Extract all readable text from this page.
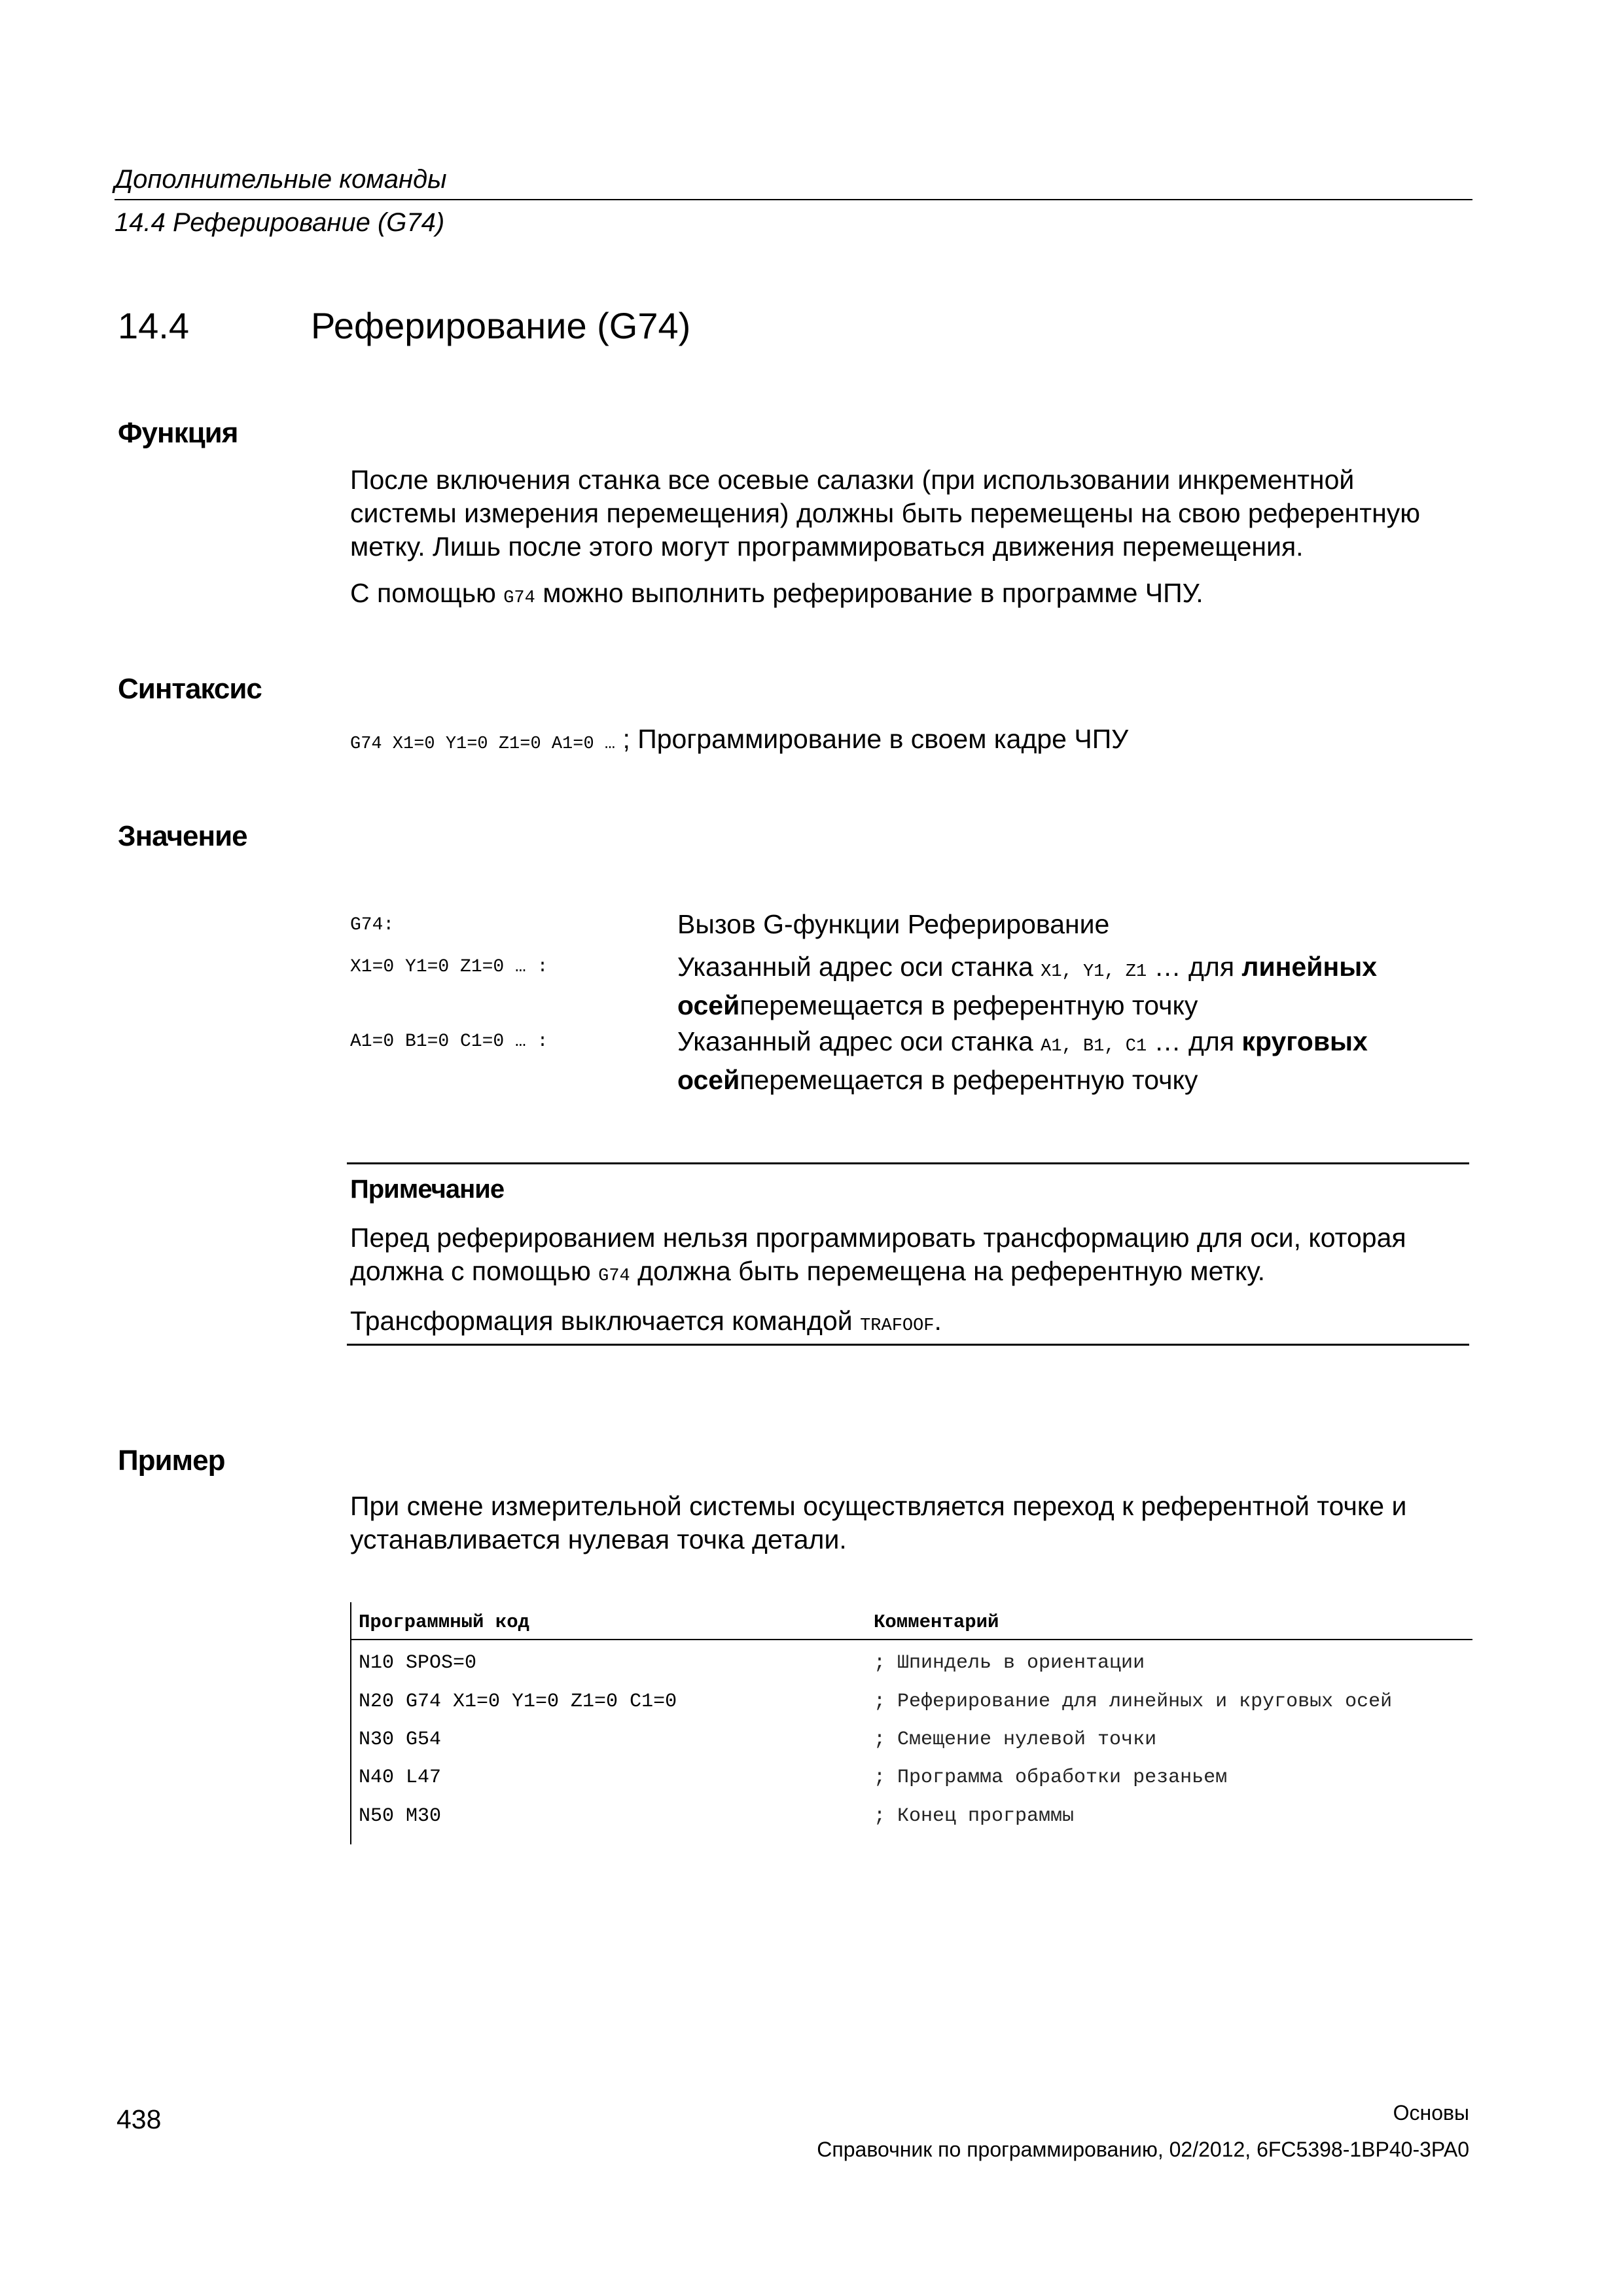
Дополнительные команды
14.4 Реферирование (G74)
14.4	Реферирование (G74)
Функция
После включения станка все осевые салазки (при использовании инкрементной
системы измерения перемещения) должны быть перемещены на свою референтную
метку. Лишь после этого могут программироваться движения перемещения.
С помощью G74 можно выполнить реферирование в программе ЧПУ.
Синтаксис
G74 X1=0 Y1=0 Z1=0 A1=0 … ; Программирование в своем кадре ЧПУ
Значение
G74:	Вызов G-функции Реферирование
X1=0 Y1=0 Z1=0 … :	Указанный адрес оси станка X1, Y1, Z1 … для линейных
осейперемещается в референтную точку
A1=0 B1=0 C1=0 … :	Указанный адрес оси станка A1, B1, C1 … для круговых
осейперемещается в референтную точку
Примечание
Перед реферированием нельзя программировать трансформацию для оси, которая
должна с помощью G74 должна быть перемещена на референтную метку.
Трансформация выключается командой TRAFOOF.
Пример
При смене измерительной системы осуществляется переход к референтной точке и
устанавливается нулевая точка детали.
Программный код	Комментарий
N10 SPOS=0	; Шпиндель в ориентации
N20 G74 X1=0 Y1=0 Z1=0 C1=0	; Реферирование для линейных и круговых осей
N30 G54	; Смещение нулевой точки
N40 L47	; Программа обработки резаньем
N50 M30	; Конец программы
Основы
438
Справочник по программированию, 02/2012, 6FC5398-1BP40-3PA0
